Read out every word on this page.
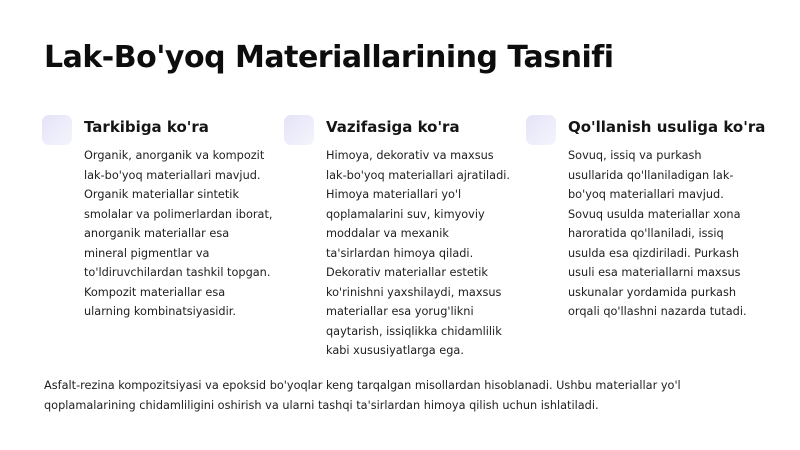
Lak-Bo'yoq Materiallarining Tasnifi
Tarkibiga ko'ra

Organik, anorganik va kompozit lak-bo'yoq materiallari mavjud. Organik materiallar sintetik smolalar va polimerlardan iborat, anorganik materiallar esa mineral pigmentlar va to'ldiruvchilardan tashkil topgan. Kompozit materiallar esa ularning kombinatsiyasidir.

Vazifasiga ko'ra

Himoya, dekorativ va maxsus lak-bo'yoq materiallari ajratiladi. Himoya materiallari yo'l qoplamalarini suv, kimyoviy moddalar va mexanik ta'sirlardan himoya qiladi. Dekorativ materiallar estetik ko'rinishni yaxshilaydi, maxsus materiallar esa yorug'likni qaytarish, issiqlikka chidamlilik kabi xususiyatlarga ega.

Qo'llanish usuliga ko'ra

Sovuq, issiq va purkash usullarida qo'llaniladigan lak-bo'yoq materiallari mavjud. Sovuq usulda materiallar xona haroratida qo'llaniladi, issiq usulda esa qizdiriladi. Purkash usuli esa materiallarni maxsus uskunalar yordamida purkash orqali qo'llashni nazarda tutadi.

Asfalt-rezina kompozitsiyasi va epoksid bo'yoqlar keng tarqalgan misollardan hisoblanadi. Ushbu materiallar yo'l qoplamalarining chidamliligini oshirish va ularni tashqi ta'sirlardan himoya qilish uchun ishlatiladi.
